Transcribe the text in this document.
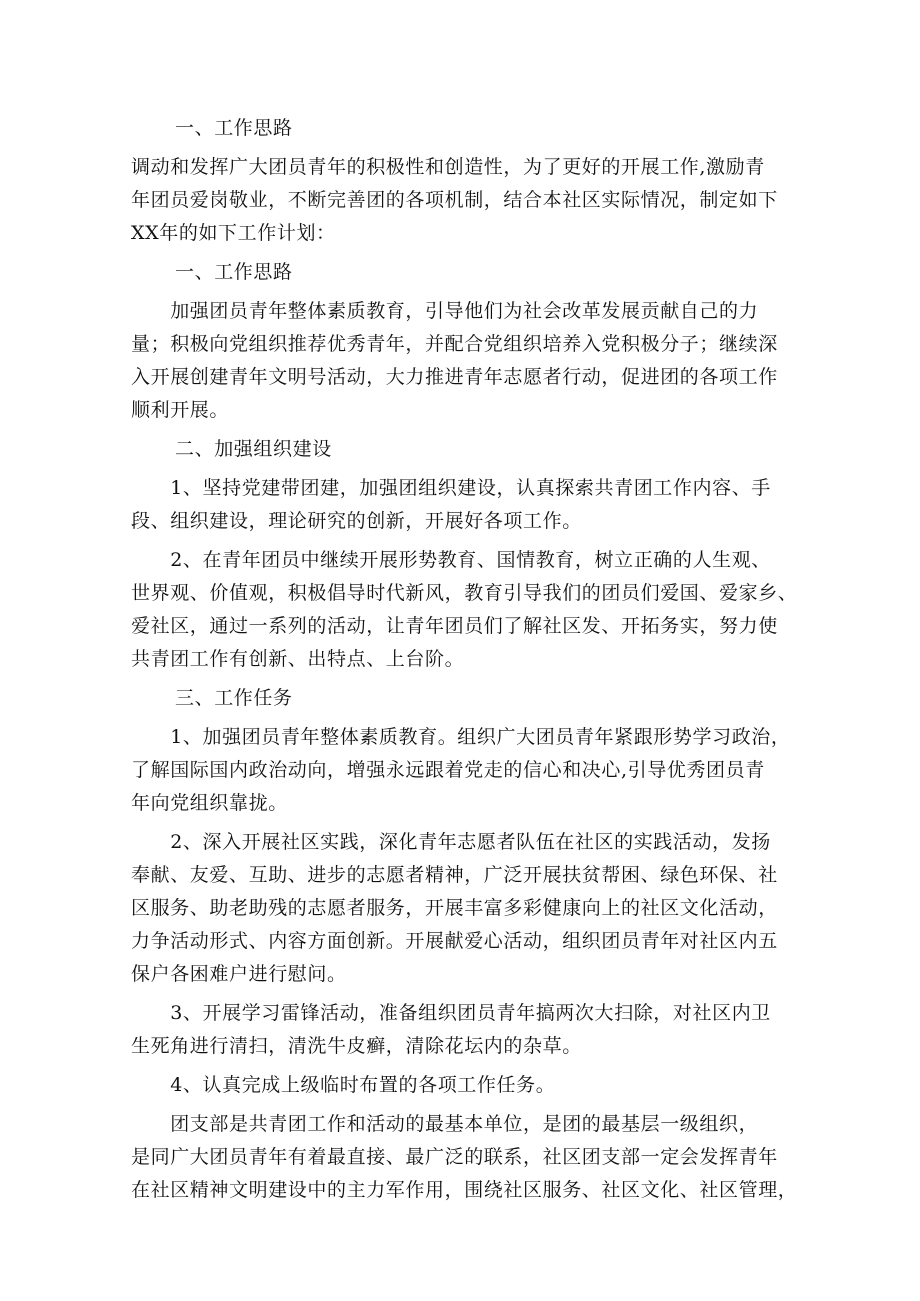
一、工作思路
调动和发挥广大团员青年的积极性和创造性，为了更好的开展工作,激励青
年团员爱岗敬业，不断完善团的各项机制，结合本社区实际情况，制定如下
XX年的如下工作计划：
一、工作思路
　　加强团员青年整体素质教育，引导他们为社会改革发展贡献自己的力
量；积极向党组织推荐优秀青年，并配合党组织培养入党积极分子；继续深
入开展创建青年文明号活动，大力推进青年志愿者行动，促进团的各项工作
顺利开展。
二、加强组织建设
　　1、坚持党建带团建，加强团组织建设，认真探索共青团工作内容、手
段、组织建设，理论研究的创新，开展好各项工作。
　　2、在青年团员中继续开展形势教育、国情教育，树立正确的人生观、
世界观、价值观，积极倡导时代新风，教育引导我们的团员们爱国、爱家乡、
爱社区，通过一系列的活动，让青年团员们了解社区发、开拓务实，努力使
共青团工作有创新、出特点、上台阶。
三、工作任务
　　1、加强团员青年整体素质教育。组织广大团员青年紧跟形势学习政治，
了解国际国内政治动向，增强永远跟着党走的信心和决心,引导优秀团员青
年向党组织靠拢。
　　2、深入开展社区实践，深化青年志愿者队伍在社区的实践活动，发扬
奉献、友爱、互助、进步的志愿者精神，广泛开展扶贫帮困、绿色环保、社
区服务、助老助残的志愿者服务，开展丰富多彩健康向上的社区文化活动，
力争活动形式、内容方面创新。开展献爱心活动，组织团员青年对社区内五
保户各困难户进行慰问。
　　3、开展学习雷锋活动，准备组织团员青年搞两次大扫除，对社区内卫
生死角进行清扫，清洗牛皮癣，清除花坛内的杂草。
　　4、认真完成上级临时布置的各项工作任务。
　　团支部是共青团工作和活动的最基本单位，是团的最基层一级组织，
是同广大团员青年有着最直接、最广泛的联系，社区团支部一定会发挥青年
在社区精神文明建设中的主力军作用，围绕社区服务、社区文化、社区管理，
